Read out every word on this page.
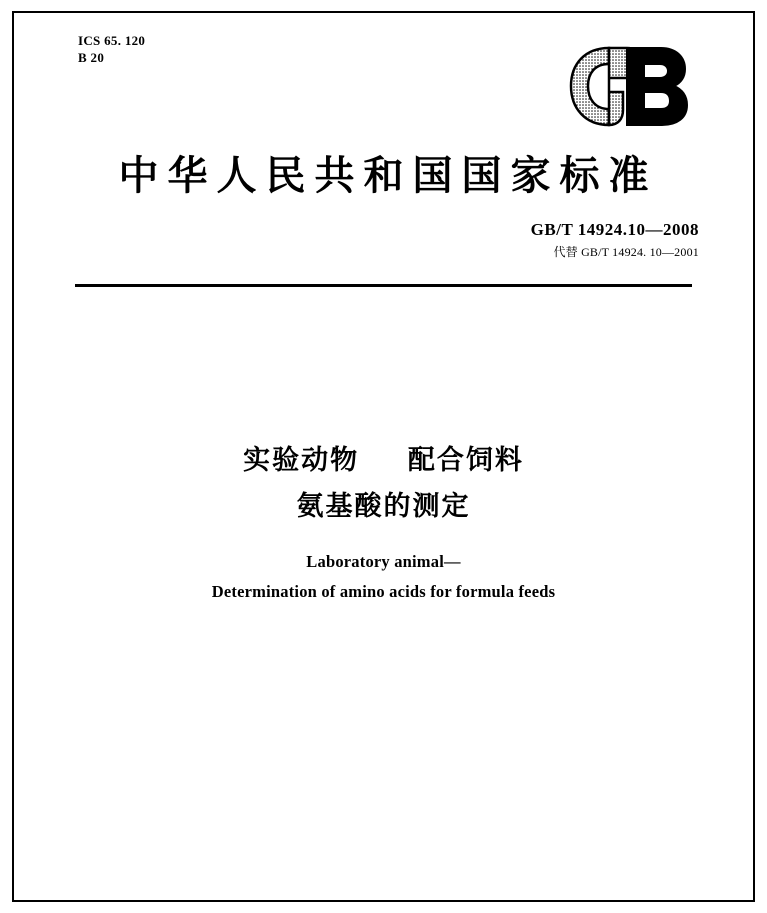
ICS 65. 120
B 20
中华人民共和国国家标准
GB/T 14924.10—2008
代替 GB/T 14924. 10—2001
实验动物 配合饲料
氨基酸的测定
Laboratory animal—
Determination of amino acids for formula feeds
